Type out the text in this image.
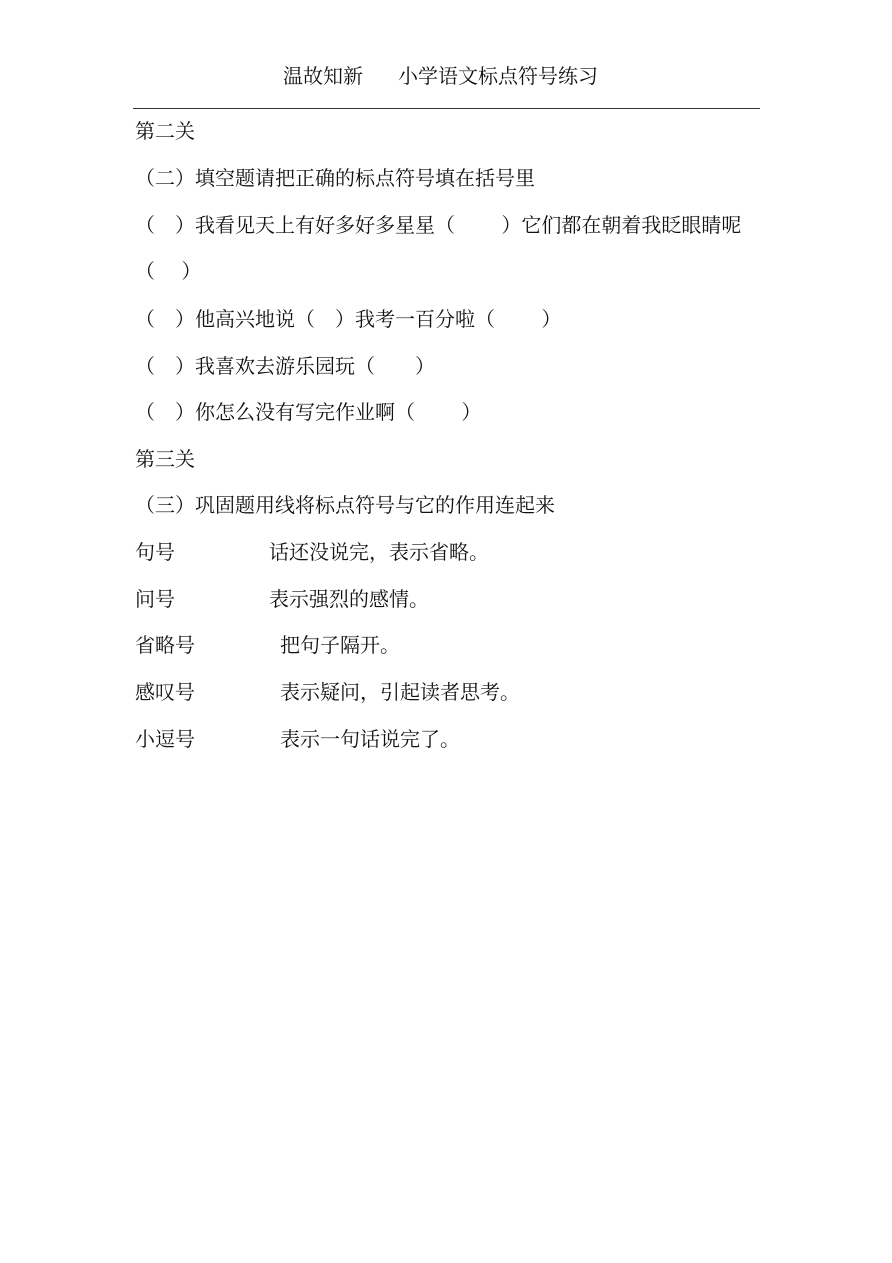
温故知新 小学语文标点符号练习
第二关
（二）填空题请把正确的标点符号填在括号里
（　）我看见天上有好多好多星星（　　 ）它们都在朝着我眨眼睛呢
（　 ）
（　）他高兴地说（　）我考一百分啦（　　 ）
（　）我喜欢去游乐园玩（　　）
（　）你怎么没有写完作业啊（　　 ）
第三关
（三）巩固题用线将标点符号与它的作用连起来
句号	话还没说完，表示省略。
问号	表示强烈的感情。
省略号	把句子隔开。
感叹号	表示疑问，引起读者思考。
小逗号	表示一句话说完了。
